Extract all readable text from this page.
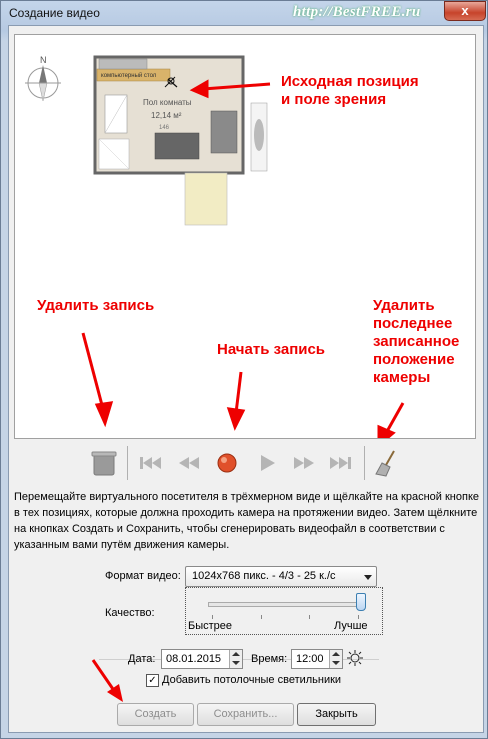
Создание видео	http://BestFREE.ru	x
N
компьютерный стол
Пол комнаты
12,14 м²
146
Исходная позиция
и поле зрения
Удалить запись
Начать запись
Удалить
последнее
записанное
положение
камеры
Перемещайте виртуального посетителя в трёхмерном виде и щёлкайте на красной кнопке в тех позициях, которые должна проходить камера на протяжении видео. Затем щёлкните на кнопках Создать и Сохранить, чтобы сгенерировать видеофайл в соответствии с указанным вами путём движения камеры.
Формат видео: 1024x768 пикс. - 4/3 - 25 к./с
Качество:
Быстрее	Лучше
Дата: 08.01.2015	Время: 12:00
✓ Добавить потолочные светильники
Создать	Сохранить...	Закрыть
